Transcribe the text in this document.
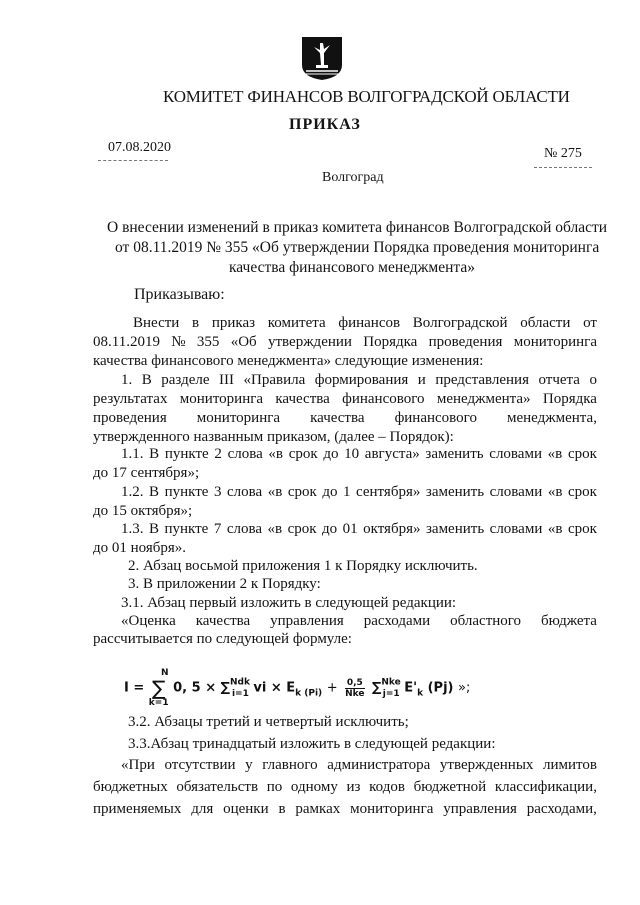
КОМИТЕТ ФИНАНСОВ ВОЛГОГРАДСКОЙ ОБЛАСТИ
ПРИКАЗ
07.08.2020	№ 275
Волгоград
О внесении изменений в приказ комитета финансов Волгоградской области
от 08.11.2019 № 355 «Об утверждении Порядка проведения мониторинга
качества финансового менеджмента»
Приказываю:
Внести в приказ комитета финансов Волгоградской области от
08.11.2019 № 355 «Об утверждении Порядка проведения мониторинга
качества финансового менеджмента» следующие изменения:
1. В разделе III «Правила формирования и представления отчета о
результатах мониторинга качества финансового менеджмента» Порядка
проведения мониторинга качества финансового менеджмента,
утвержденного названным приказом, (далее – Порядок):
1.1. В пункте 2 слова «в срок до 10 августа» заменить словами «в срок
до 17 сентября»;
1.2. В пункте 3 слова «в срок до 1 сентября» заменить словами «в срок
до 15 октября»;
1.3. В пункте 7 слова «в срок до 01 октября» заменить словами «в срок
до 01 ноября».
2. Абзац восьмой приложения 1 к Порядку исключить.
3. В приложении 2 к Порядку:
3.1. Абзац первый изложить в следующей редакции:
«Оценка качества управления расходами областного бюджета
рассчитывается по следующей формуле:
I =
N
∑
k=1
0, 5 × ∑$^{Ndk}_{i=1}$ vi × $E_{k (Pi)} + \frac{0,5}{\text{Nke}} \sum^{Nke}_{j=1}$ $E'_k$ (Pj) »;
3.2. Абзацы третий и четвертый исключить;
3.3.Абзац тринадцатый изложить в следующей редакции:
«При отсутствии у главного администратора утвержденных лимитов
бюджетных обязательств по одному из кодов бюджетной классификации,
применяемых для оценки в рамках мониторинга управления расходами,
